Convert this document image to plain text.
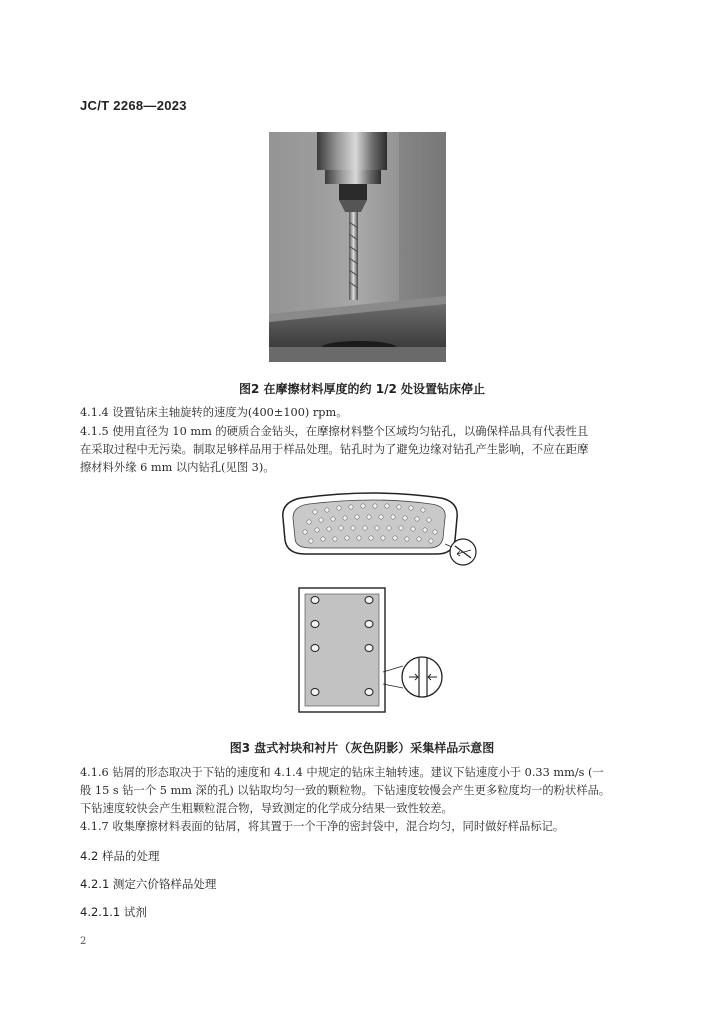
JC/T 2268—2023
图2 在摩擦材料厚度的约 1/2 处设置钻床停止
4.1.4 设置钻床主轴旋转的速度为(400±100) rpm。
4.1.5 使用直径为 10 mm 的硬质合金钻头，在摩擦材料整个区域均匀钻孔，以确保样品具有代表性且
在采取过程中无污染。制取足够样品用于样品处理。钻孔时为了避免边缘对钻孔产生影响，不应在距摩
擦材料外缘 6 mm 以内钻孔(见图 3)。
图3 盘式衬块和衬片（灰色阴影）采集样品示意图
4.1.6 钻屑的形态取决于下钻的速度和 4.1.4 中规定的钻床主轴转速。建议下钻速度小于 0.33 mm/s (一
般 15 s 钻一个 5 mm 深的孔) 以钻取均匀一致的颗粒物。下钻速度较慢会产生更多粒度均一的粉状样品。
下钻速度较快会产生粗颗粒混合物，导致测定的化学成分结果一致性较差。
4.1.7 收集摩擦材料表面的钻屑，将其置于一个干净的密封袋中，混合均匀，同时做好样品标记。
4.2 样品的处理
4.2.1 测定六价铬样品处理
4.2.1.1 试剂
2
